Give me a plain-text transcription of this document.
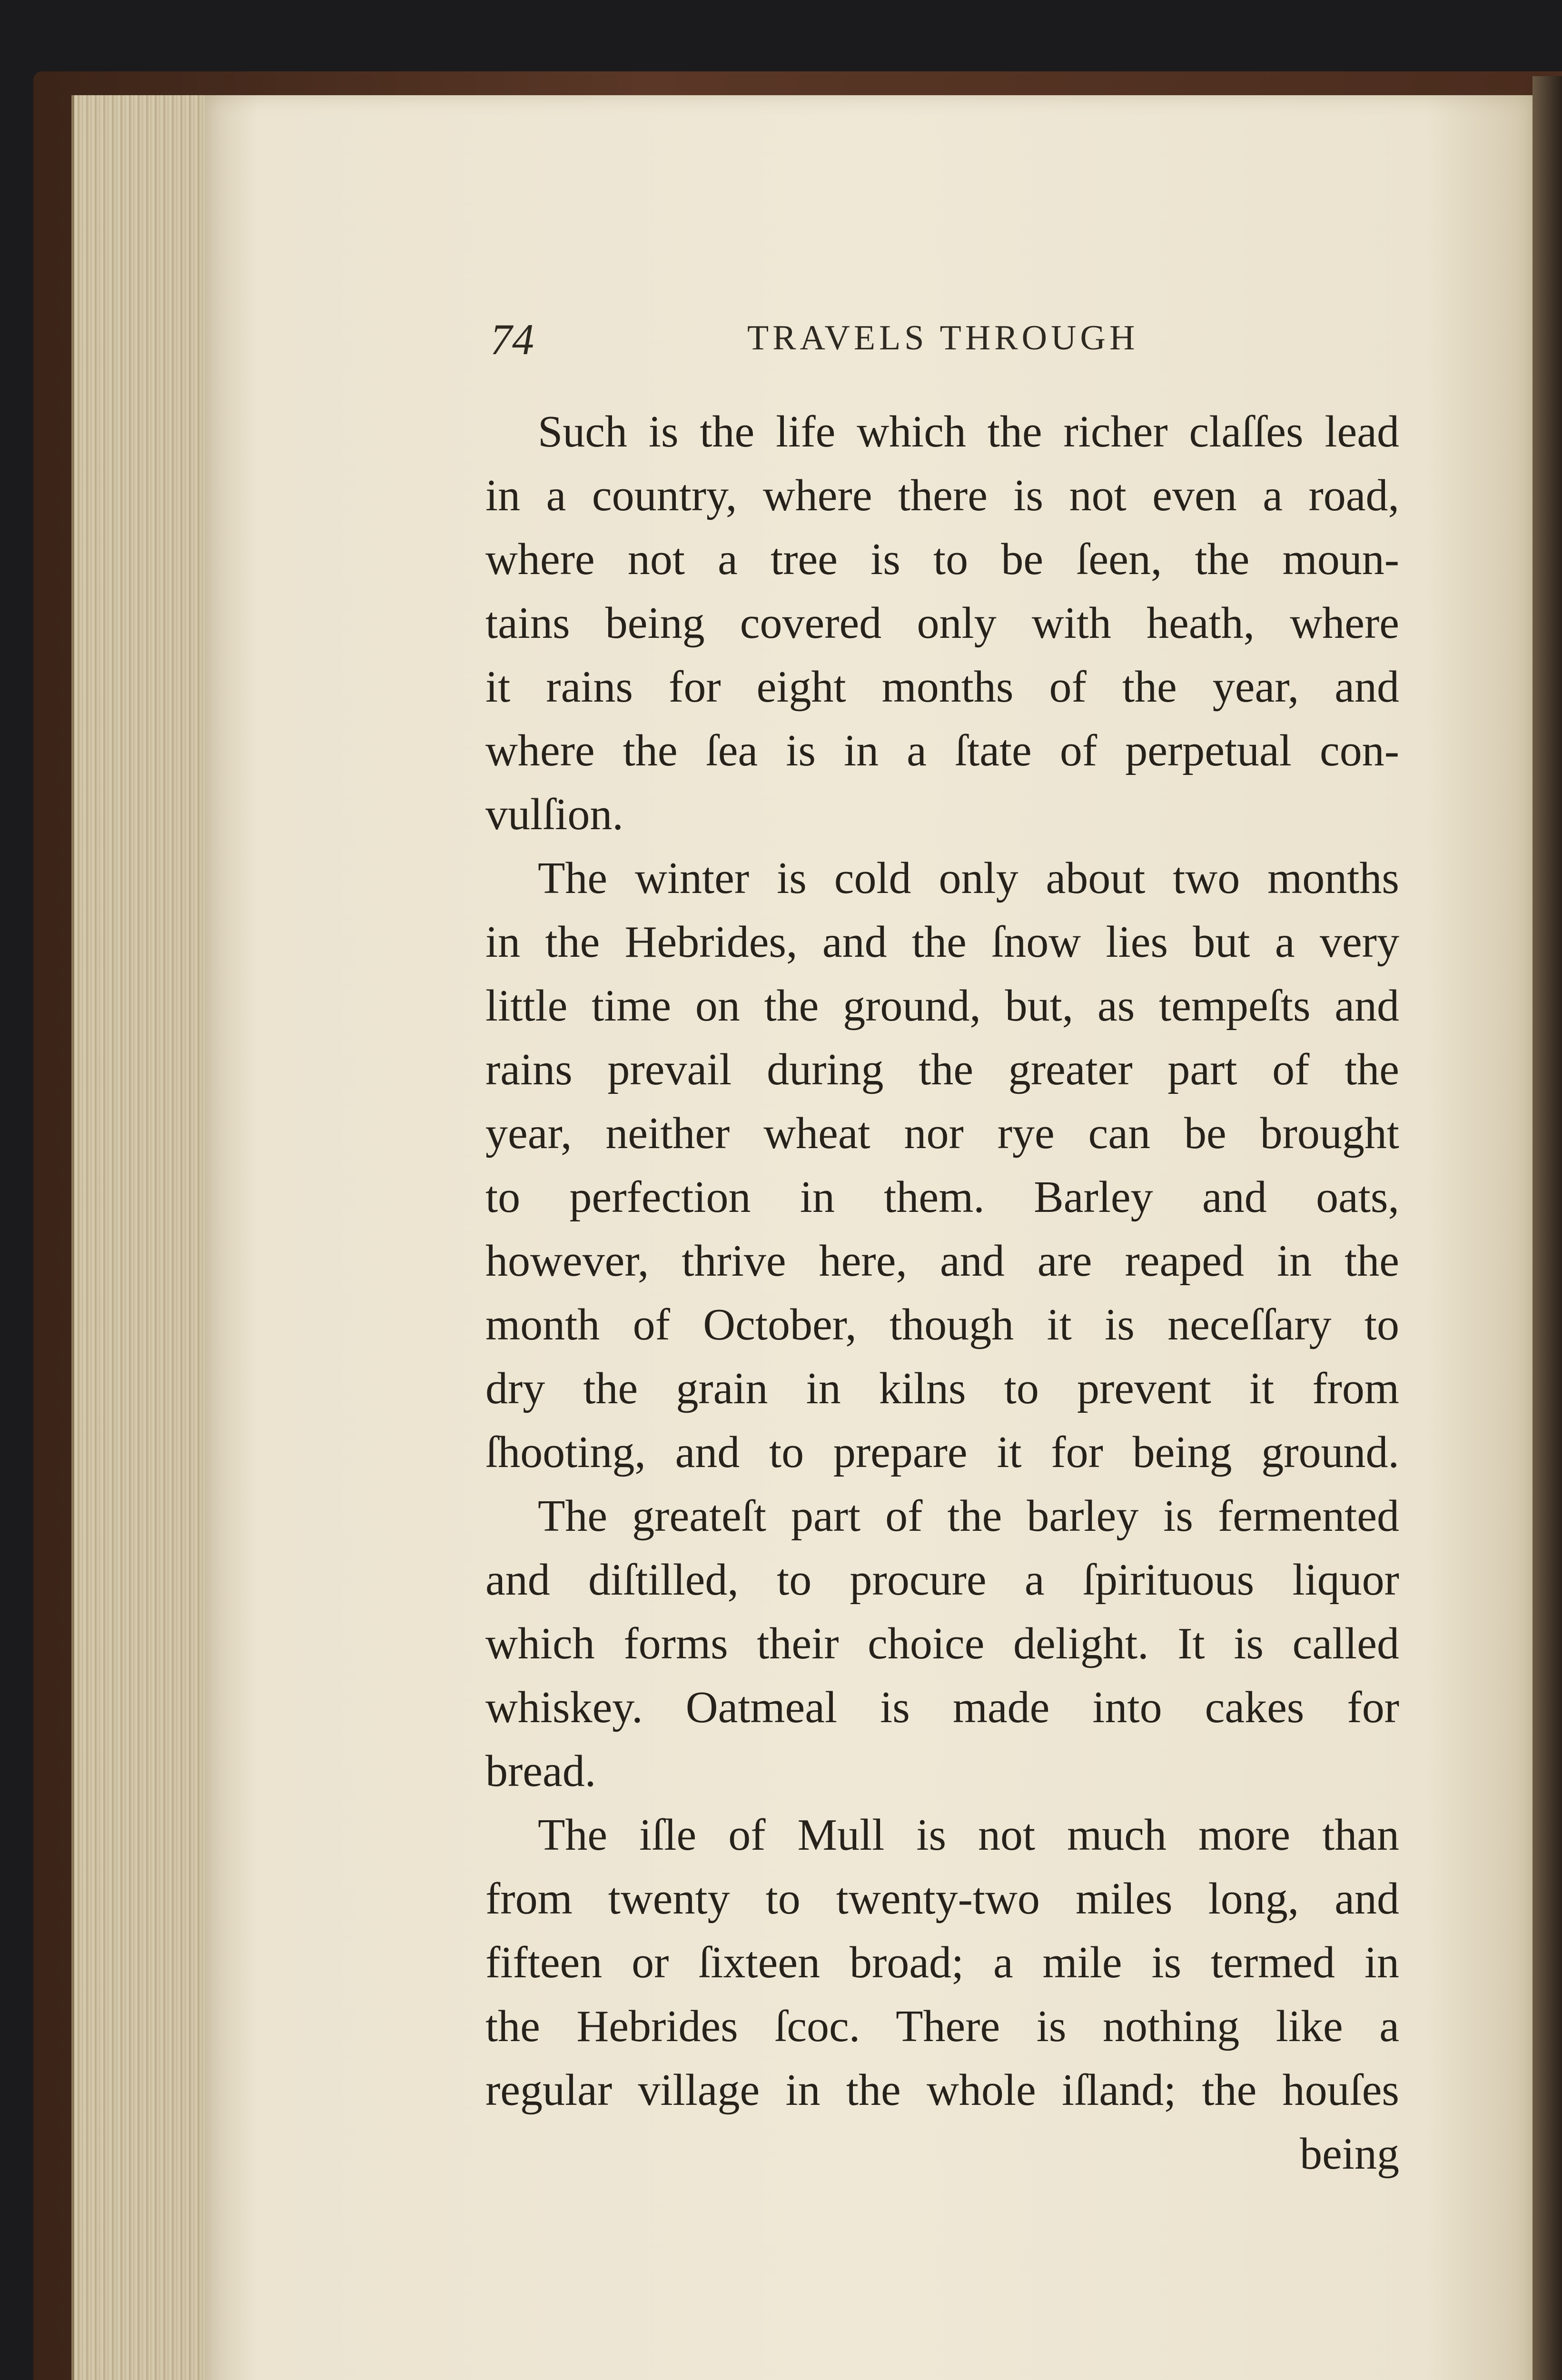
74	TRAVELS THROUGH
Such is the life which the richer claſſes lead
in a country, where there is not even a road,
where not a tree is to be ſeen, the moun-
tains being covered only with heath, where
it rains for eight months of the year, and
where the ſea is in a ſtate of perpetual con-
vulſion.
The winter is cold only about two months
in the Hebrides, and the ſnow lies but a very
little time on the ground, but, as tempeſts and
rains prevail during the greater part of the
year, neither wheat nor rye can be brought
to perfection in them. Barley and oats,
however, thrive here, and are reaped in the
month of October, though it is neceſſary to
dry the grain in kilns to prevent it from
ſhooting, and to prepare it for being ground.
The greateſt part of the barley is fermented
and diſtilled, to procure a ſpirituous liquor
which forms their choice delight. It is called
whiskey. Oatmeal is made into cakes for
bread.
The iſle of Mull is not much more than
from twenty to twenty-two miles long, and
fifteen or ſixteen broad; a mile is termed in
the Hebrides ſcoc. There is nothing like a
regular village in the whole iſland; the houſes
being
